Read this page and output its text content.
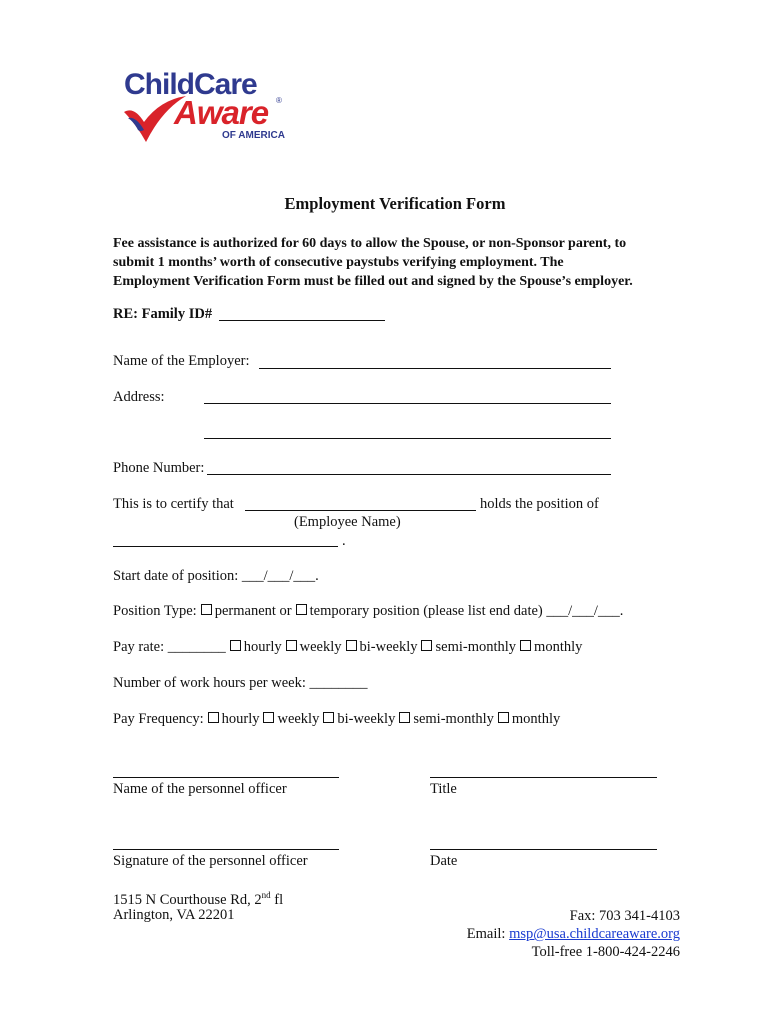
ChildCare
Aware ®
OF AMERICA
Employment Verification Form
Fee assistance is authorized for 60 days to allow the Spouse, or non-Sponsor parent, to
submit 1 months’ worth of consecutive paystubs verifying employment. The
Employment Verification Form must be filled out and signed by the Spouse’s employer.
RE: Family ID#
Name of the Employer:
Address:
Phone Number:
This is to certify that	holds the position of
(Employee Name)
.
Start date of position: ___/___/___.
Position Type: permanent or temporary position (please list end date) ___/___/___.
Pay rate: ________ hourly weekly bi-weekly semi-monthly monthly
Number of work hours per week: ________
Pay Frequency: hourly weekly bi-weekly semi-monthly monthly
Name of the personnel officer	Title
Signature of the personnel officer	Date
1515 N Courthouse Rd, 2nd fl
Arlington, VA 22201	Fax: 703 341-4103
Email: msp@usa.childcareaware.org
Toll-free 1-800-424-2246
